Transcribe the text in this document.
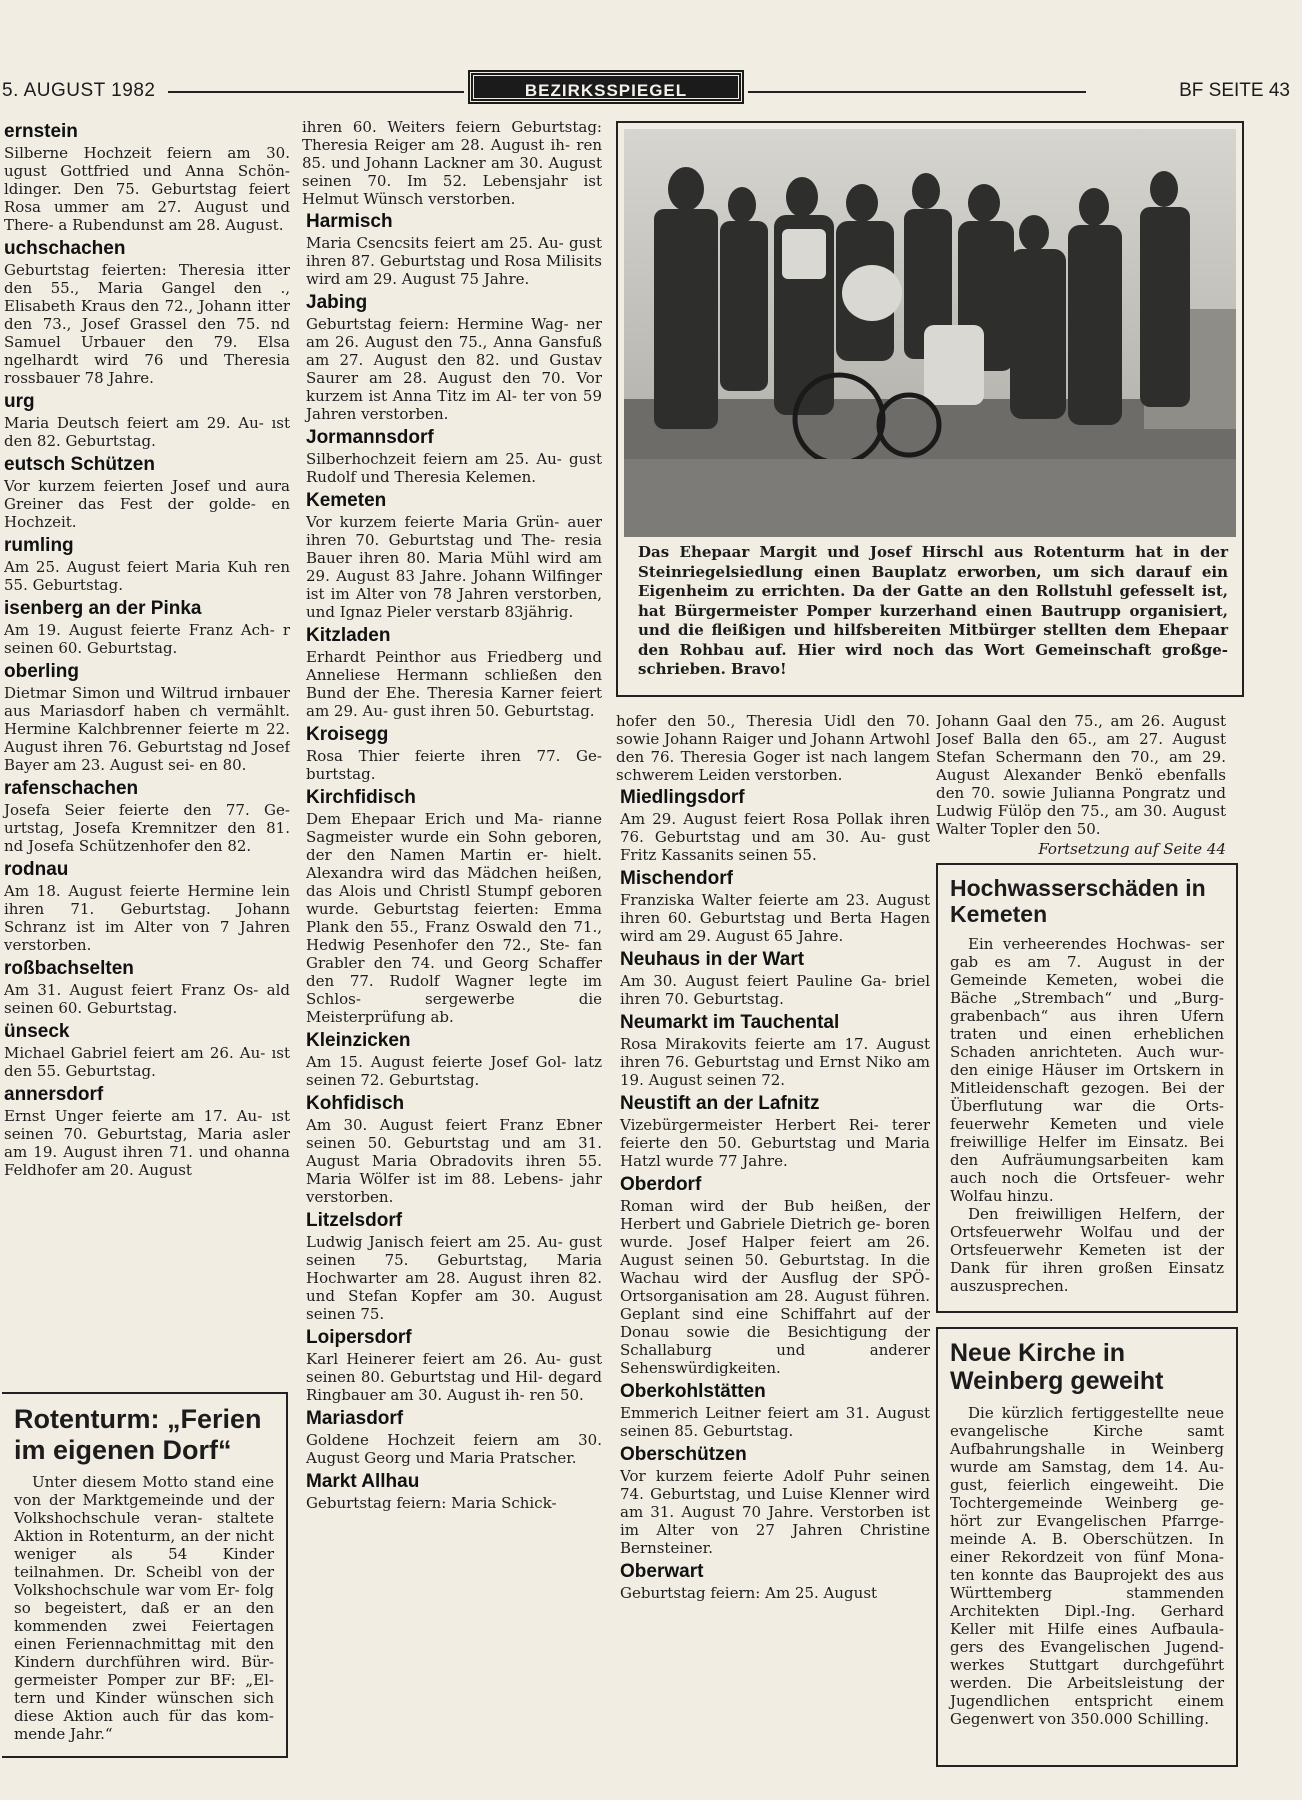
5. AUGUST 1982	BEZIRKSSPIEGEL	BF SEITE 43
ernstein
Silberne Hochzeit feiern am 30. ugust Gottfried und Anna Schön- ldinger. Den 75. Geburtstag feiert Rosa ummer am 27. August und There- a Rubendunst am 28. August.
uchschachen
Geburtstag feierten: Theresia itter den 55., Maria Gangel den ., Elisabeth Kraus den 72., Johann itter den 73., Josef Grassel den 75. nd Samuel Urbauer den 79. Elsa ngelhardt wird 76 und Theresia rossbauer 78 Jahre.
urg
Maria Deutsch feiert am 29. Au- ıst den 82. Geburtstag.
eutsch Schützen
Vor kurzem feierten Josef und aura Greiner das Fest der golde- en Hochzeit.
rumling
Am 25. August feiert Maria Kuh ren 55. Geburtstag.
isenberg an der Pinka
Am 19. August feierte Franz Ach- r seinen 60. Geburtstag.
oberling
Dietmar Simon und Wiltrud irnbauer aus Mariasdorf haben ch vermählt. Hermine Kalchbrenner feierte m 22. August ihren 76. Geburtstag nd Josef Bayer am 23. August sei- en 80.
rafenschachen
Josefa Seier feierte den 77. Ge- urtstag, Josefa Kremnitzer den 81. nd Josefa Schützenhofer den 82.
rodnau
Am 18. August feierte Hermine lein ihren 71. Geburtstag. Johann Schranz ist im Alter von 7 Jahren verstorben.
roßbachselten
Am 31. August feiert Franz Os- ald seinen 60. Geburtstag.
ünseck
Michael Gabriel feiert am 26. Au- ıst den 55. Geburtstag.
annersdorf
Ernst Unger feierte am 17. Au- ıst seinen 70. Geburtstag, Maria asler am 19. August ihren 71. und ohanna Feldhofer am 20. August
ihren 60. Weiters feiern Geburtstag: Theresia Reiger am 28. August ih- ren 85. und Johann Lackner am 30. August seinen 70. Im 52. Lebensjahr ist Helmut Wünsch verstorben.
Harmisch
Maria Csencsits feiert am 25. Au- gust ihren 87. Geburtstag und Rosa Milisits wird am 29. August 75 Jahre.
Jabing
Geburtstag feiern: Hermine Wag- ner am 26. August den 75., Anna Gansfuß am 27. August den 82. und Gustav Saurer am 28. August den 70. Vor kurzem ist Anna Titz im Al- ter von 59 Jahren verstorben.
Jormannsdorf
Silberhochzeit feiern am 25. Au- gust Rudolf und Theresia Kelemen.
Kemeten
Vor kurzem feierte Maria Grün- auer ihren 70. Geburtstag und The- resia Bauer ihren 80. Maria Mühl wird am 29. August 83 Jahre. Johann Wilfinger ist im Alter von 78 Jahren verstorben, und Ignaz Pieler verstarb 83jährig.
Kitzladen
Erhardt Peinthor aus Friedberg und Anneliese Hermann schließen den Bund der Ehe. Theresia Karner feiert am 29. Au- gust ihren 50. Geburtstag.
Kroisegg
Rosa Thier feierte ihren 77. Ge- burtstag.
Kirchfidisch
Dem Ehepaar Erich und Ma- rianne Sagmeister wurde ein Sohn geboren, der den Namen Martin er- hielt. Alexandra wird das Mädchen heißen, das Alois und Christl Stumpf geboren wurde. Geburtstag feierten: Emma Plank den 55., Franz Oswald den 71., Hedwig Pesenhofer den 72., Ste- fan Grabler den 74. und Georg Schaffer den 77. Rudolf Wagner legte im Schlos- sergewerbe die Meisterprüfung ab.
Kleinzicken
Am 15. August feierte Josef Gol- latz seinen 72. Geburtstag.
Kohfidisch
Am 30. August feiert Franz Ebner seinen 50. Geburtstag und am 31. August Maria Obradovits ihren 55. Maria Wölfer ist im 88. Lebens- jahr verstorben.
Litzelsdorf
Ludwig Janisch feiert am 25. Au- gust seinen 75. Geburtstag, Maria Hochwarter am 28. August ihren 82. und Stefan Kopfer am 30. August seinen 75.
Loipersdorf
Karl Heinerer feiert am 26. Au- gust seinen 80. Geburtstag und Hil- degard Ringbauer am 30. August ih- ren 50.
Mariasdorf
Goldene Hochzeit feiern am 30. August Georg und Maria Pratscher.
Markt Allhau
Geburtstag feiern: Maria Schick-
Das Ehepaar Margit und Josef Hirschl aus Rotenturm hat in der Steinriegelsiedlung einen Bauplatz erworben, um sich darauf ein Eigenheim zu errichten. Da der Gatte an den Rollstuhl gefesselt ist, hat Bürgermeister Pomper kurzerhand einen Bautrupp organisiert, und die fleißigen und hilfsbereiten Mitbürger stellten dem Ehepaar den Rohbau auf. Hier wird noch das Wort Gemeinschaft großge- schrieben. Bravo!
hofer den 50., Theresia Uidl den 70. sowie Johann Raiger und Johann Artwohl den 76. Theresia Goger ist nach langem schwerem Leiden verstorben.
Miedlingsdorf
Am 29. August feiert Rosa Pollak ihren 76. Geburtstag und am 30. Au- gust Fritz Kassanits seinen 55.
Mischendorf
Franziska Walter feierte am 23. August ihren 60. Geburtstag und Berta Hagen wird am 29. August 65 Jahre.
Neuhaus in der Wart
Am 30. August feiert Pauline Ga- briel ihren 70. Geburtstag.
Neumarkt im Tauchental
Rosa Mirakovits feierte am 17. August ihren 76. Geburtstag und Ernst Niko am 19. August seinen 72.
Neustift an der Lafnitz
Vizebürgermeister Herbert Rei- terer feierte den 50. Geburtstag und Maria Hatzl wurde 77 Jahre.
Oberdorf
Roman wird der Bub heißen, der Herbert und Gabriele Dietrich ge- boren wurde. Josef Halper feiert am 26. August seinen 50. Geburtstag. In die Wachau wird der Ausflug der SPÖ-Ortsorganisation am 28. August führen. Geplant sind eine Schiffahrt auf der Donau sowie die Besichtigung der Schallaburg und anderer Sehenswürdigkeiten.
Oberkohlstätten
Emmerich Leitner feiert am 31. August seinen 85. Geburtstag.
Oberschützen
Vor kurzem feierte Adolf Puhr seinen 74. Geburtstag, und Luise Klenner wird am 31. August 70 Jahre. Verstorben ist im Alter von 27 Jahren Christine Bernsteiner.
Oberwart
Geburtstag feiern: Am 25. August
Johann Gaal den 75., am 26. August Josef Balla den 65., am 27. August Stefan Schermann den 70., am 29. August Alexander Benkö ebenfalls den 70. sowie Julianna Pongratz und Ludwig Fülöp den 75., am 30. August Walter Topler den 50.
Fortsetzung auf Seite 44
Rotenturm: „Ferien im eigenen Dorf“
Unter diesem Motto stand eine von der Marktgemeinde und der Volkshochschule veran- staltete Aktion in Rotenturm, an der nicht weniger als 54 Kinder teilnahmen. Dr. Scheibl von der Volkshochschule war vom Er- folg so begeistert, daß er an den kommenden zwei Feiertagen einen Feriennachmittag mit den Kindern durchführen wird. Bür- germeister Pomper zur BF: „El- tern und Kinder wünschen sich diese Aktion auch für das kom- mende Jahr.“
Hochwasserschäden in Kemeten

Ein verheerendes Hochwas- ser gab es am 7. August in der Gemeinde Kemeten, wobei die Bäche „Strembach“ und „Burg- grabenbach“ aus ihren Ufern traten und einen erheblichen Schaden anrichteten. Auch wur- den einige Häuser im Ortskern in Mitleidenschaft gezogen. Bei der Überflutung war die Orts- feuerwehr Kemeten und viele freiwillige Helfer im Einsatz. Bei den Aufräumungsarbeiten kam auch noch die Ortsfeuer- wehr Wolfau hinzu.

Den freiwilligen Helfern, der Ortsfeuerwehr Wolfau und der Ortsfeuerwehr Kemeten ist der Dank für ihren großen Einsatz auszusprechen.

Neue Kirche in Weinberg geweiht
Die kürzlich fertiggestellte neue evangelische Kirche samt Aufbahrungshalle in Weinberg wurde am Samstag, dem 14. Au- gust, feierlich eingeweiht. Die Tochtergemeinde Weinberg ge- hört zur Evangelischen Pfarrge- meinde A. B. Oberschützen. In einer Rekordzeit von fünf Mona- ten konnte das Bauprojekt des aus Württemberg stammenden Architekten Dipl.-Ing. Gerhard Keller mit Hilfe eines Aufbaula- gers des Evangelischen Jugend- werkes Stuttgart durchgeführt werden. Die Arbeitsleistung der Jugendlichen entspricht einem Gegenwert von 350.000 Schilling.
